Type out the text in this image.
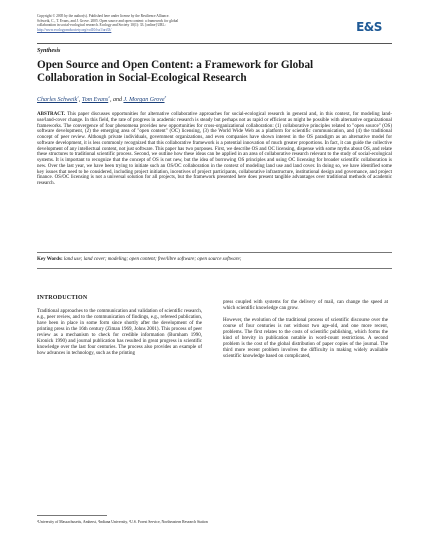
Copyright © 2005 by the author(s). Published here under license by the Resilience Alliance.
Schweik, C., T. Evans, and J. Grove. 2005. Open source and open content: a framework for global
collaboration in social-ecological research. Ecology and Society 10(1): 33. [online] URL:
http://www.ecologyandsociety.org/vol10/iss1/art33/	E&S
Synthesis
Open Source and Open Content: a Framework for Global Collaboration in Social-Ecological Research
Charles Schweik$^1$, Tom Evans$^2$, and J. Morgan Grove$^3$
ABSTRACT. This paper discusses opportunities for alternative collaborative approaches for social-ecological research in general and, in this context, for modeling land-use/land-cover change. In this field, the rate of progress in academic research is steady but perhaps not as rapid or efficient as might be possible with alternative organizational frameworks. The convergence of four phenomena provides new opportunities for cross-organizational collaboration: (1) collaborative principles related to "open source" (OS) software development, (2) the emerging area of "open content" (OC) licensing, (3) the World Wide Web as a platform for scientific communication, and (4) the traditional concept of peer review. Although private individuals, government organizations, and even companies have shown interest in the OS paradigm as an alternative model for software development, it is less commonly recognized that this collaborative framework is a potential innovation of much greater proportions. In fact, it can guide the collective development of any intellectual content, not just software. This paper has two purposes. First, we describe OS and OC licensing, dispense with some myths about OS, and relate these structures to traditional scientific process. Second, we outline how these ideas can be applied in an area of collaborative research relevant to the study of social-ecological systems. It is important to recognize that the concept of OS is not new, but the idea of borrowing OS principles and using OC licensing for broader scientific collaboration is new. Over the last year, we have been trying to initiate such an OS/OC collaboration in the context of modeling land use and land cover. In doing so, we have identified some key issues that need to be considered, including project initiation, incentives of project participants, collaborative infrastructure, institutional design and governance, and project finance. OS/OC licensing is not a universal solution for all projects, but the framework presented here does present tangible advantages over traditional methods of academic research.
Key Words: land use; land cover; modeling; open content; free/libre software; open source software;
INTRODUCTION

Traditional approaches to the communication and validation of scientific research, e.g., peer review, and to the communication of findings, e.g., refereed publication, have been in place in some form since shortly after the development of the printing press in the 16th century (Ziman 1969, Johns 2001). This process of peer review as a mechanism to check for credible information (Burnham 1990, Kronick 1990) and journal publication has resulted in great progress in scientific knowledge over the last four centuries. The process also provides an example of how advances in technology, such as the printing

press coupled with systems for the delivery of mail, can change the speed at which scientific knowledge can grow.

However, the evolution of the traditional process of scientific discourse over the course of four centuries is not without two age-old, and one more recent, problems. The first relates to the costs of scientific publishing, which forms the kind of brevity in publication notable in word-count restrictions. A second problem is the cost of the global distribution of paper copies of the journal. The third more recent problem involves the difficulty in making widely available scientific knowledge based on complicated,

¹University of Massachusetts, Amherst, ²Indiana University, ³U.S. Forest Service, Northeastern Research Station
